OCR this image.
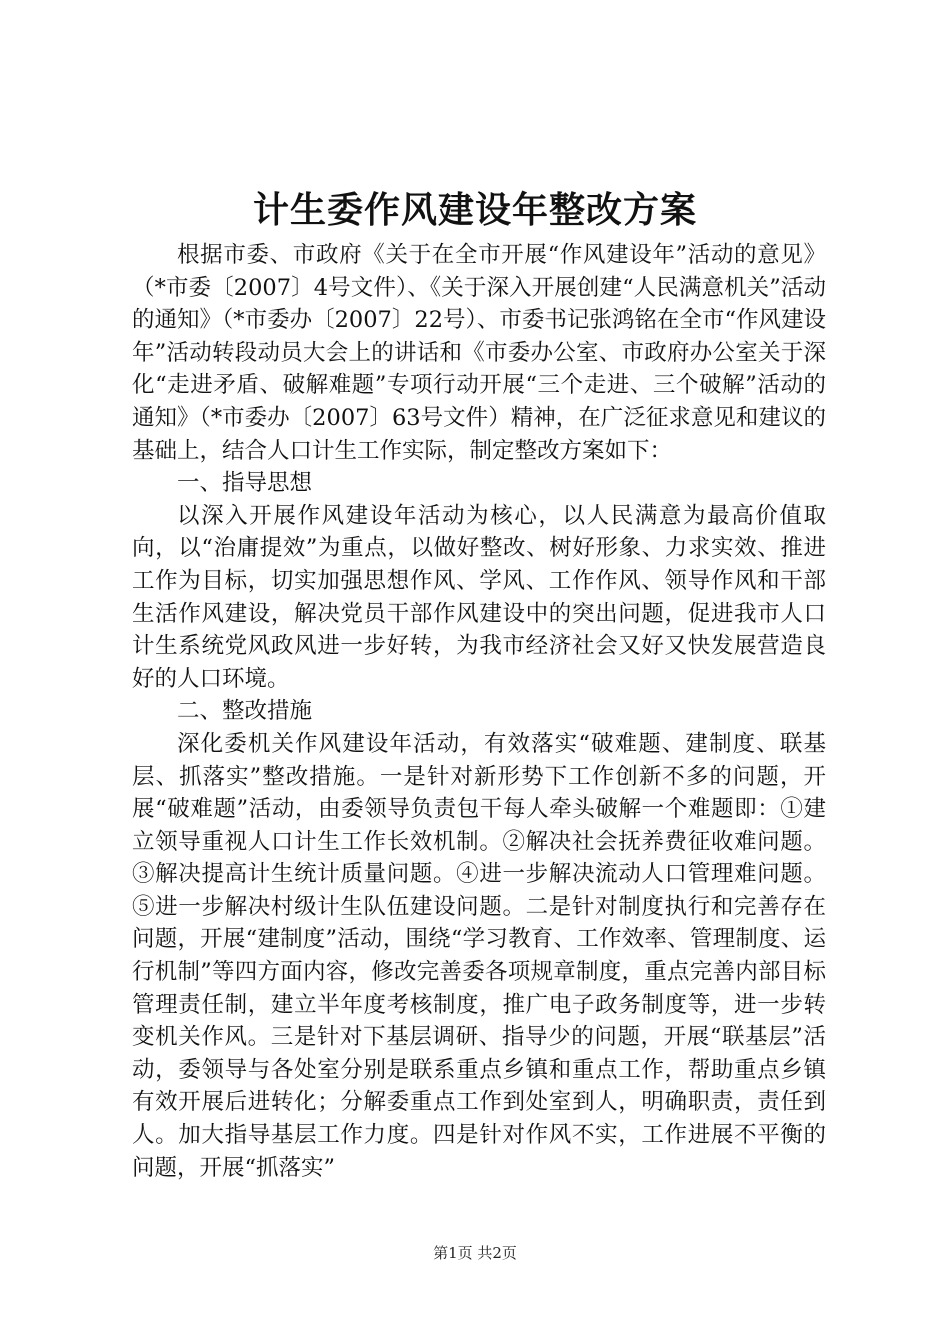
计生委作风建设年整改方案

根据市委、市政府《关于在全市开展“作风建设年”活动的意见》（*市委〔2007〕4号文件）、《关于深入开展创建“人民满意机关”活动的通知》（*市委办〔2007〕22号）、市委书记张鸿铭在全市“作风建设年”活动转段动员大会上的讲话和《市委办公室、市政府办公室关于深化“走进矛盾、破解难题”专项行动开展“三个走进、三个破解”活动的通知》（*市委办〔2007〕63号文件）精神，在广泛征求意见和建议的基础上，结合人口计生工作实际，制定整改方案如下：

一、指导思想

以深入开展作风建设年活动为核心，以人民满意为最高价值取向，以“治庸提效”为重点，以做好整改、树好形象、力求实效、推进工作为目标，切实加强思想作风、学风、工作作风、领导作风和干部生活作风建设，解决党员干部作风建设中的突出问题，促进我市人口计生系统党风政风进一步好转，为我市经济社会又好又快发展营造良好的人口环境。

二、整改措施

深化委机关作风建设年活动，有效落实“破难题、建制度、联基层、抓落实”整改措施。一是针对新形势下工作创新不多的问题，开展“破难题”活动，由委领导负责包干每人牵头破解一个难题即：①建立领导重视人口计生工作长效机制。②解决社会抚养费征收难问题。③解决提高计生统计质量问题。④进一步解决流动人口管理难问题。⑤进一步解决村级计生队伍建设问题。二是针对制度执行和完善存在问题，开展“建制度”活动，围绕“学习教育、工作效率、管理制度、运行机制”等四方面内容，修改完善委各项规章制度，重点完善内部目标管理责任制，建立半年度考核制度，推广电子政务制度等，进一步转变机关作风。三是针对下基层调研、指导少的问题，开展“联基层”活动，委领导与各处室分别是联系重点乡镇和重点工作，帮助重点乡镇有效开展后进转化；分解委重点工作到处室到人，明确职责，责任到人。加大指导基层工作力度。四是针对作风不实，工作进展不平衡的问题，开展“抓落实”

第1页 共2页
